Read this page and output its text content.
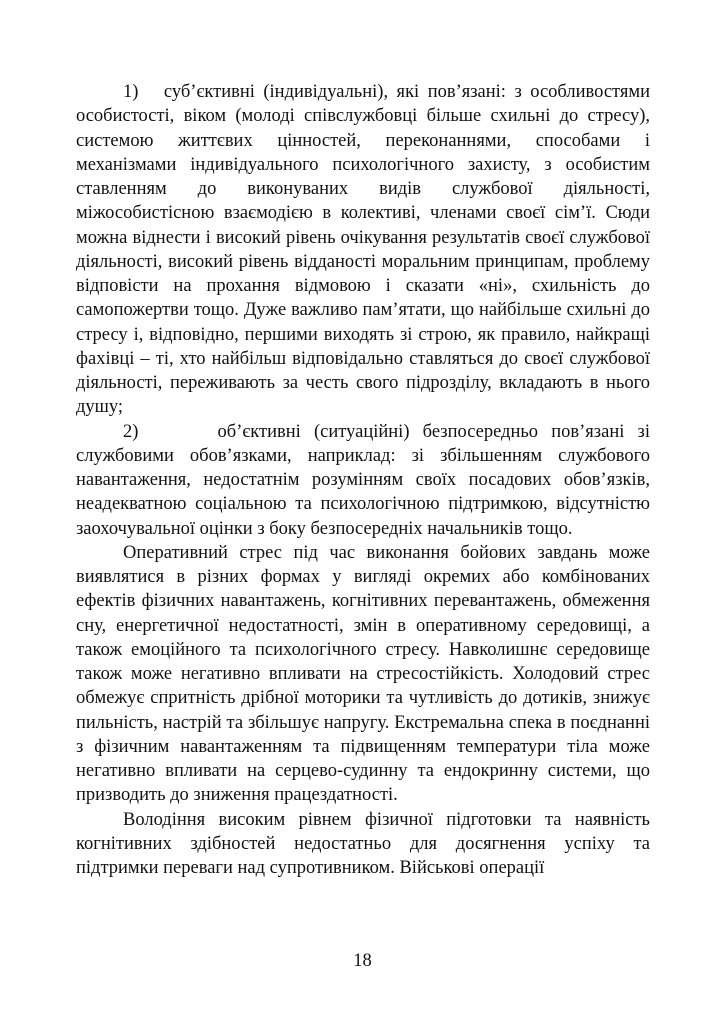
1)   суб’єктивні (індивідуальні), які пов’язані: з особливостями особистості, віком (молоді співслужбовці більше схильні до стресу), системою життєвих цінностей, переконаннями, способами і механізмами індивідуального психологічного захисту, з особистим ставленням до виконуваних видів службової діяльності, міжособистісною взаємодією в колективі, членами своєї сім’ї. Сюди можна віднести і високий рівень очікування результатів своєї службової діяльності, високий рівень відданості моральним принципам, проблему відповісти на прохання відмовою і сказати «ні», схильність до самопожертви тощо. Дуже важливо пам’ятати, що найбільше схильні до стресу і, відповідно, першими виходять зі строю, як правило, найкращі фахівці – ті, хто найбільш відповідально ставляться до своєї службової діяльності, переживають за честь свого підрозділу, вкладають в нього душу;

2)      об’єктивні (ситуаційні) безпосередньо пов’язані зі службовими обов’язками, наприклад: зі збільшенням службового навантаження, недостатнім розумінням своїх посадових обов’язків, неадекватною соціальною та психологічною підтримкою, відсутністю заохочувальної оцінки з боку безпосередніх начальників тощо.

Оперативний стрес під час виконання бойових завдань може виявлятися в різних формах у вигляді окремих або комбінованих ефектів фізичних навантажень, когнітивних перевантажень, обмеження сну, енергетичної недостатності, змін в оперативному середовищі, а також емоційного та психологічного стресу. Навколишнє середовище також може негативно впливати на стресостійкість. Холодовий стрес обмежує спритність дрібної моторики та чутливість до дотиків, знижує пильність, настрій та збільшує напругу. Екстремальна спека в поєднанні з фізичним навантаженням та підвищенням температури тіла може негативно впливати на серцево-судинну та ендокринну системи, що призводить до зниження працездатності.

Володіння високим рівнем фізичної підготовки та наявність когнітивних здібностей недостатньо для досягнення успіху та підтримки переваги над супротивником. Військові операції

18
